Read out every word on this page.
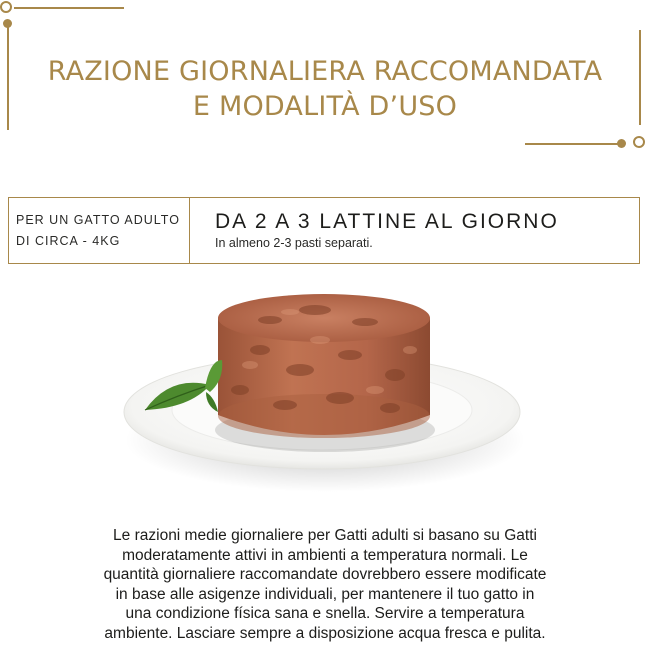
RAZIONE GIORNALIERA RACCOMANDATA
E MODALITÀ D’USO
PER UN GATTO ADULTO
DI CIRCA - 4KG
DA 2 A 3 LATTINE AL GIORNO
In almeno 2-3 pasti separati.
Le razioni medie giornaliere per Gatti adulti si basano su Gatti
moderatamente attivi in ambienti a temperatura normali. Le
quantità giornaliere raccomandate dovrebbero essere modificate
in base alle asigenze individuali, per mantenere il tuo gatto in
una condizione física sana e snella. Servire a temperatura
ambiente. Lasciare sempre a disposizione acqua fresca e pulita.
